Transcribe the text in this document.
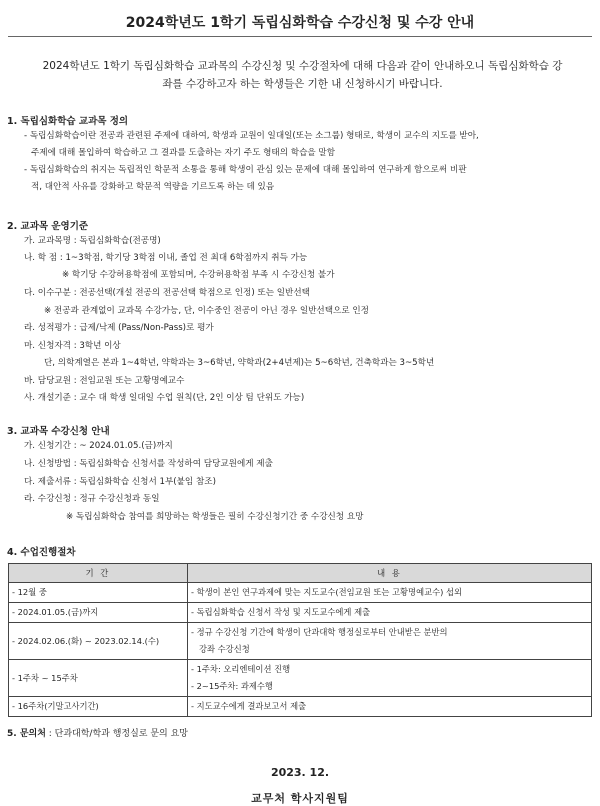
2024학년도 1학기 독립심화학습 수강신청 및 수강 안내
2024학년도 1학기 독립심화학습 교과목의 수강신청 및 수강절차에 대해 다음과 같이 안내하오니 독립심화학습 강
좌를 수강하고자 하는 학생들은 기한 내 신청하시기 바랍니다.
1. 독립심화학습 교과목 정의
- 독립심화학습이란 전공과 관련된 주제에 대하여, 학생과 교원이 일대일(또는 소그룹) 형태로, 학생이 교수의 지도를 받아,
주제에 대해 몰입하여 학습하고 그 결과를 도출하는 자기 주도 형태의 학습을 말함
- 독립심화학습의 취지는 독립적인 학문적 소통을 통해 학생이 관심 있는 문제에 대해 몰입하여 연구하게 함으로써 비판
적, 대안적 사유를 강화하고 학문적 역량을 기르도록 하는 데 있음
2. 교과목 운영기준
가. 교과목명 : 독립심화학습(전공명)
나. 학 점 : 1~3학점, 학기당 3학점 이내, 졸업 전 최대 6학점까지 취득 가능
※ 학기당 수강허용학점에 포함되며, 수강허용학점 부족 시 수강신청 불가
다. 이수구분 : 전공선택(개설 전공의 전공선택 학점으로 인정) 또는 일반선택
※ 전공과 관계없이 교과목 수강가능, 단, 이수중인 전공이 아닌 경우 일반선택으로 인정
라. 성적평가 : 급제/낙제 (Pass/Non-Pass)로 평가
마. 신청자격 : 3학년 이상
단, 의학계열은 본과 1~4학년, 약학과는 3~6학년, 약학과(2+4년제)는 5~6학년, 건축학과는 3~5학년
바. 담당교원 : 전임교원 또는 고황명예교수
사. 개설기준 : 교수 대 학생 일대일 수업 원칙(단, 2인 이상 팀 단위도 가능)
3. 교과목 수강신청 안내
가. 신청기간 : ~ 2024.01.05.(금)까지
나. 신청방법 : 독립심화학습 신청서를 작성하여 담당교원에게 제출
다. 제출서류 : 독립심화학습 신청서 1부(붙임 참조)
라. 수강신청 : 정규 수강신청과 동일
※ 독립심화학습 참여를 희망하는 학생들은 필히 수강신청기간 중 수강신청 요망
4. 수업진행절차
기 간	내 용
- 12월 중	- 학생이 본인 연구과제에 맞는 지도교수(전임교원 또는 고황명예교수) 섭외
- 2024.01.05.(금)까지	- 독립심화학습 신청서 작성 및 지도교수에게 제출
- 2024.02.06.(화) ~ 2023.02.14.(수)	- 정규 수강신청 기간에 학생이 단과대학 행정실로부터 안내받은 분반의
강좌 수강신청

- 1주차 ~ 15주차	- 1주차: 오리엔테이션 진행
- 2~15주차: 과제수행

- 16주차(기말고사기간)	- 지도교수에게 결과보고서 제출
5. 문의처 : 단과대학/학과 행정실로 문의 요망
2023. 12.
교무처 학사지원팀
